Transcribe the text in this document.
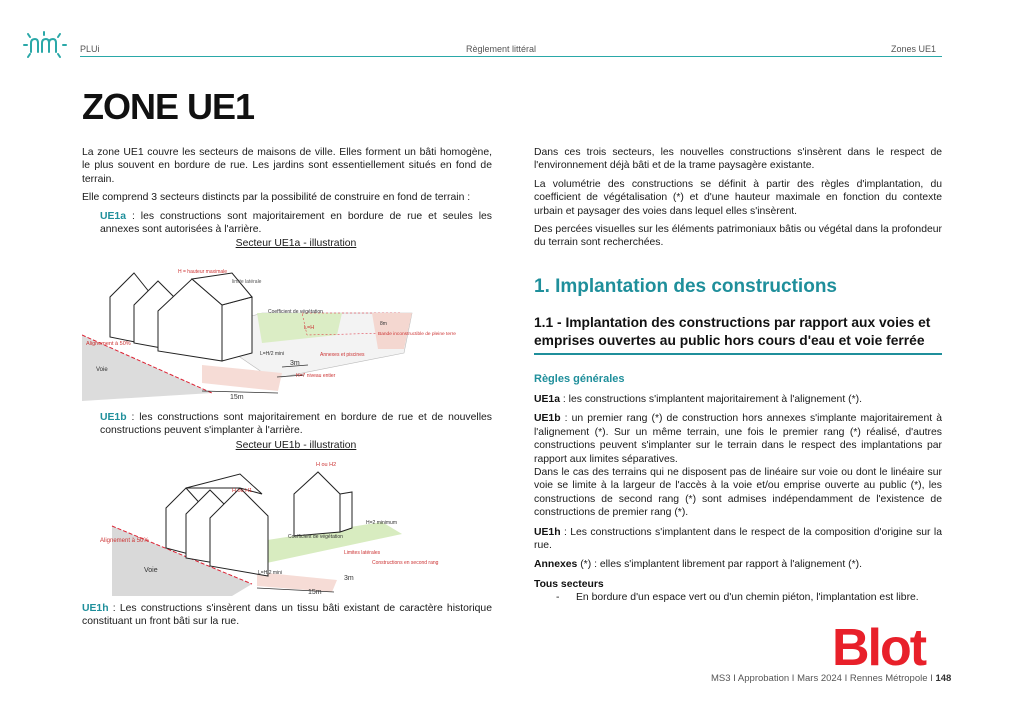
PLUi	Règlement littéral	Zones UE1
ZONE UE1

La zone UE1 couvre les secteurs de maisons de ville. Elles forment un bâti homogène, le plus souvent en bordure de rue. Les jardins sont essentiellement situés en fond de terrain.

Elle comprend 3 secteurs distincts par la possibilité de construire en fond de terrain :

UE1a : les constructions sont majoritairement en bordure de rue et seules les annexes sont autorisées à l'arrière.
Secteur UE1a - illustration
H = hauteur maximale
Alignement à 50%
Voie
limite latérale
Coefficient de végétation
L=H
Annexes et piscines
8m
Bande inconstructible de pleine terre
L=H/2 mini
3m
H=7 niveau entier
15m
UE1b : les constructions sont majoritairement en bordure de rue et de nouvelles constructions peuvent s'implanter à l'arrière.
Secteur UE1b - illustration
H ou H2
H ou H1
Alignement à 50%
Voie
Coefficient de végétation
Limites latérales
Constructions en second rang
H=2 minimum
L=H/2 mini
3m
15m

UE1h : Les constructions s'insèrent dans un tissu bâti existant de caractère historique constituant un front bâti sur la rue.

Dans ces trois secteurs, les nouvelles constructions s'insèrent dans le respect de l'environnement déjà bâti et de la trame paysagère existante.

La volumétrie des constructions se définit à partir des règles d'implantation, du coefficient de végétalisation (*) et d'une hauteur maximale en fonction du contexte urbain et paysager des voies dans lequel elles s'insèrent.

Des percées visuelles sur les éléments patrimoniaux bâtis ou végétal dans la profondeur du terrain sont recherchées.

1. Implantation des constructions
1.1 - Implantation des constructions par rapport aux voies et emprises ouvertes au public hors cours d'eau et voie ferrée
Règles générales

UE1a : les constructions s'implantent majoritairement à l'alignement (*).

UE1b : un premier rang (*) de construction hors annexes s'implante majoritairement à l'alignement (*). Sur un même terrain, une fois le premier rang (*) réalisé, d'autres constructions peuvent s'implanter sur le terrain dans le respect des implantations par rapport aux limites séparatives.

Dans le cas des terrains qui ne disposent pas de linéaire sur voie ou dont le linéaire sur voie se limite à la largeur de l'accès à la voie et/ou emprise ouverte au public (*), les constructions de second rang (*) sont admises indépendamment de l'existence de constructions de premier rang (*).

UE1h : Les constructions s'implantent dans le respect de la composition d'origine sur la rue.

Annexes (*) : elles s'implantent librement par rapport à l'alignement (*).

Tous secteurs

-	En bordure d'un espace vert ou d'un chemin piéton, l'implantation est libre.
Blot
MS3 I Approbation I Mars 2024 I Rennes Métropole I 148
